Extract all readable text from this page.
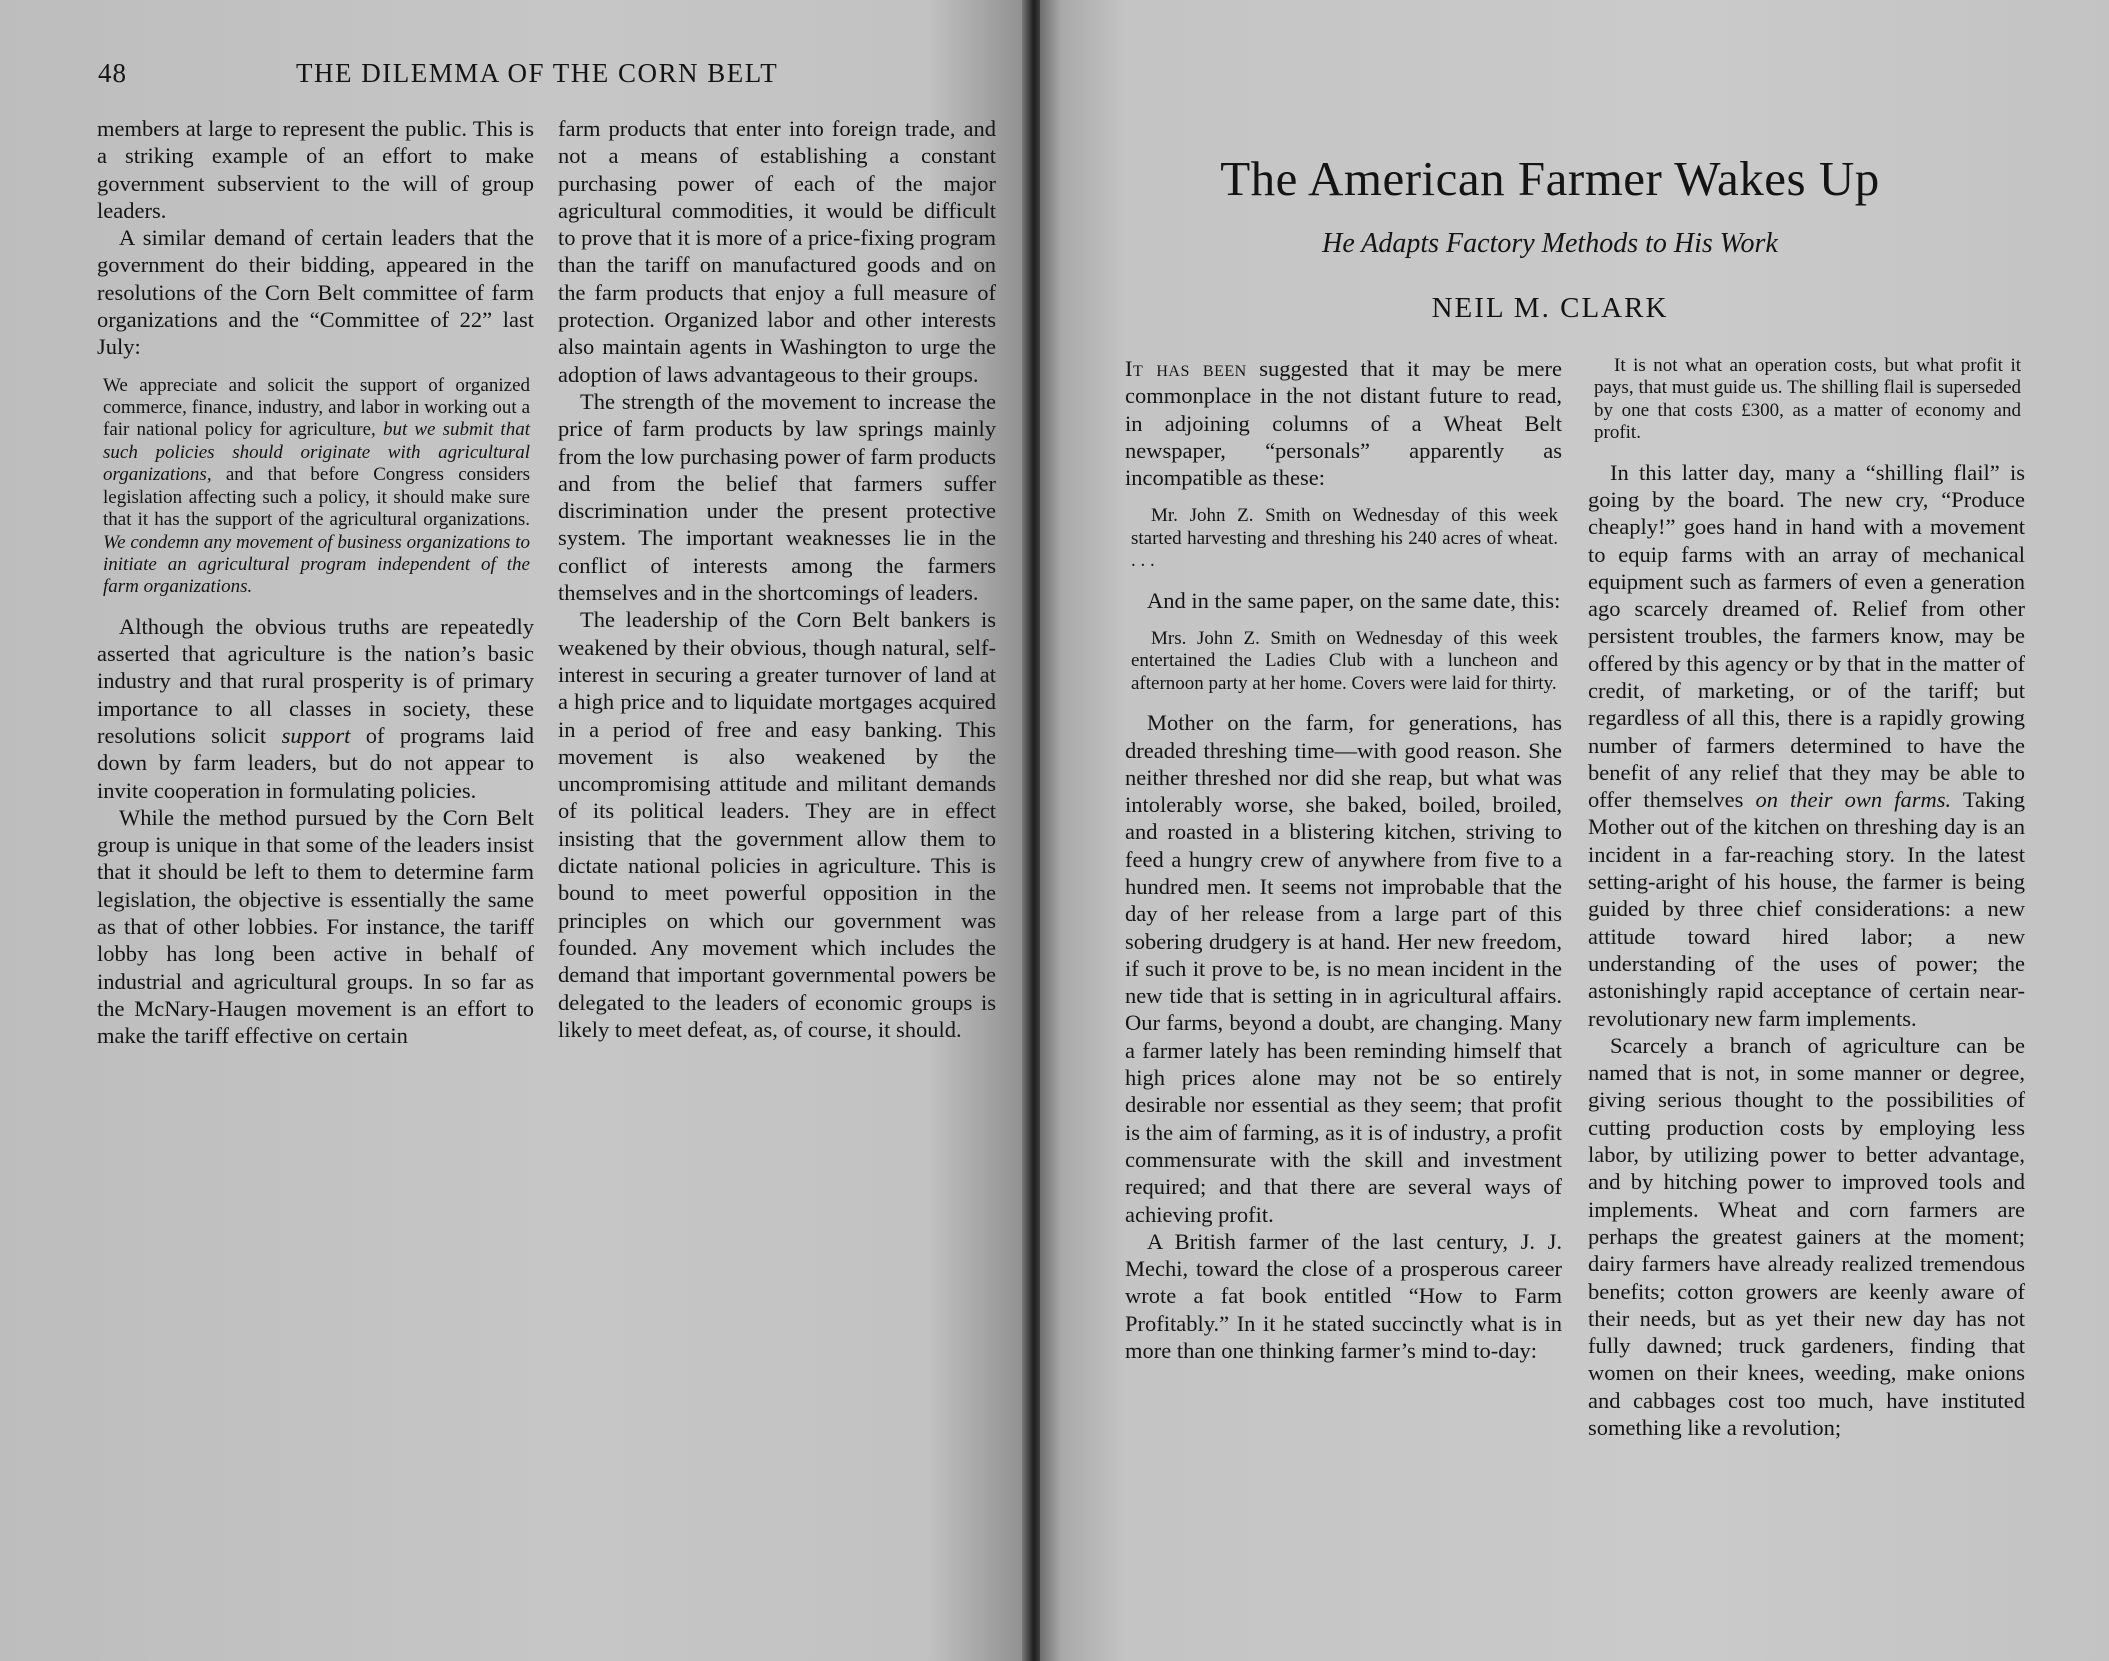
48	THE DILEMMA OF THE CORN BELT

members at large to represent the public. This is a striking example of an effort to make government subservient to the will of group leaders.

A similar demand of certain leaders that the government do their bidding, appeared in the resolutions of the Corn Belt committee of farm organizations and the “Committee of 22” last July:

We appreciate and solicit the support of organized commerce, finance, industry, and labor in working out a fair national policy for agriculture, but we submit that such policies should originate with agricultural organizations, and that before Congress considers legislation affecting such a policy, it should make sure that it has the support of the agricultural organizations. We condemn any movement of business organizations to initiate an agricultural program independent of the farm organizations.

Although the obvious truths are repeatedly asserted that agriculture is the nation’s basic industry and that rural prosperity is of primary importance to all classes in society, these resolutions solicit support of programs laid down by farm leaders, but do not appear to invite cooperation in formulating policies.

While the method pursued by the Corn Belt group is unique in that some of the leaders insist that it should be left to them to determine farm legislation, the objective is essentially the same as that of other lobbies. For instance, the tariff lobby has long been active in behalf of industrial and agricultural groups. In so far as the McNary-Haugen movement is an effort to make the tariff effective on certain

farm products that enter into foreign trade, and not a means of establishing a constant purchasing power of each of the major agricultural commodities, it would be difficult to prove that it is more of a price-fixing program than the tariff on manufactured goods and on the farm products that enjoy a full measure of protection. Organized labor and other interests also maintain agents in Washington to urge the adoption of laws advantageous to their groups.

The strength of the movement to increase the price of farm products by law springs mainly from the low purchasing power of farm products and from the belief that farmers suffer discrimination under the present protective system. The important weaknesses lie in the conflict of interests among the farmers themselves and in the shortcomings of leaders.

The leadership of the Corn Belt bankers is weakened by their obvious, though natural, self-interest in securing a greater turnover of land at a high price and to liquidate mortgages acquired in a period of free and easy banking. This movement is also weakened by the uncompromising attitude and militant demands of its political leaders. They are in effect insisting that the government allow them to dictate national policies in agriculture. This is bound to meet powerful opposition in the principles on which our government was founded. Any movement which includes the demand that important governmental powers be delegated to the leaders of economic groups is likely to meet defeat, as, of course, it should.

The American Farmer Wakes Up
He Adapts Factory Methods to His Work
NEIL M. CLARK

It has been suggested that it may be mere commonplace in the not distant future to read, in adjoining columns of a Wheat Belt newspaper, “personals” apparently as incompatible as these:

Mr. John Z. Smith on Wednesday of this week started harvesting and threshing his 240 acres of wheat. . . .

And in the same paper, on the same date, this:

Mrs. John Z. Smith on Wednesday of this week entertained the Ladies Club with a luncheon and afternoon party at her home. Covers were laid for thirty.

Mother on the farm, for generations, has dreaded threshing time—with good reason. She neither threshed nor did she reap, but what was intolerably worse, she baked, boiled, broiled, and roasted in a blistering kitchen, striving to feed a hungry crew of anywhere from five to a hundred men. It seems not improbable that the day of her release from a large part of this sobering drudgery is at hand. Her new freedom, if such it prove to be, is no mean incident in the new tide that is setting in in agricultural affairs. Our farms, beyond a doubt, are changing. Many a farmer lately has been reminding himself that high prices alone may not be so entirely desirable nor essential as they seem; that profit is the aim of farming, as it is of industry, a profit commensurate with the skill and investment required; and that there are several ways of achieving profit.

A British farmer of the last century, J. J. Mechi, toward the close of a prosperous career wrote a fat book entitled “How to Farm Profitably.” In it he stated succinctly what is in more than one thinking farmer’s mind to-day:

It is not what an operation costs, but what profit it pays, that must guide us. The shilling flail is superseded by one that costs £300, as a matter of economy and profit.

In this latter day, many a “shilling flail” is going by the board. The new cry, “Produce cheaply!” goes hand in hand with a movement to equip farms with an array of mechanical equipment such as farmers of even a generation ago scarcely dreamed of. Relief from other persistent troubles, the farmers know, may be offered by this agency or by that in the matter of credit, of marketing, or of the tariff; but regardless of all this, there is a rapidly growing number of farmers determined to have the benefit of any relief that they may be able to offer themselves on their own farms. Taking Mother out of the kitchen on threshing day is an incident in a far-reaching story. In the latest setting-aright of his house, the farmer is being guided by three chief considerations: a new attitude toward hired labor; a new understanding of the uses of power; the astonishingly rapid acceptance of certain near-revolutionary new farm implements.

Scarcely a branch of agriculture can be named that is not, in some manner or degree, giving serious thought to the possibilities of cutting production costs by employing less labor, by utilizing power to better advantage, and by hitching power to improved tools and implements. Wheat and corn farmers are perhaps the greatest gainers at the moment; dairy farmers have already realized tremendous benefits; cotton growers are keenly aware of their needs, but as yet their new day has not fully dawned; truck gardeners, finding that women on their knees, weeding, make onions and cabbages cost too much, have instituted something like a revolution;
